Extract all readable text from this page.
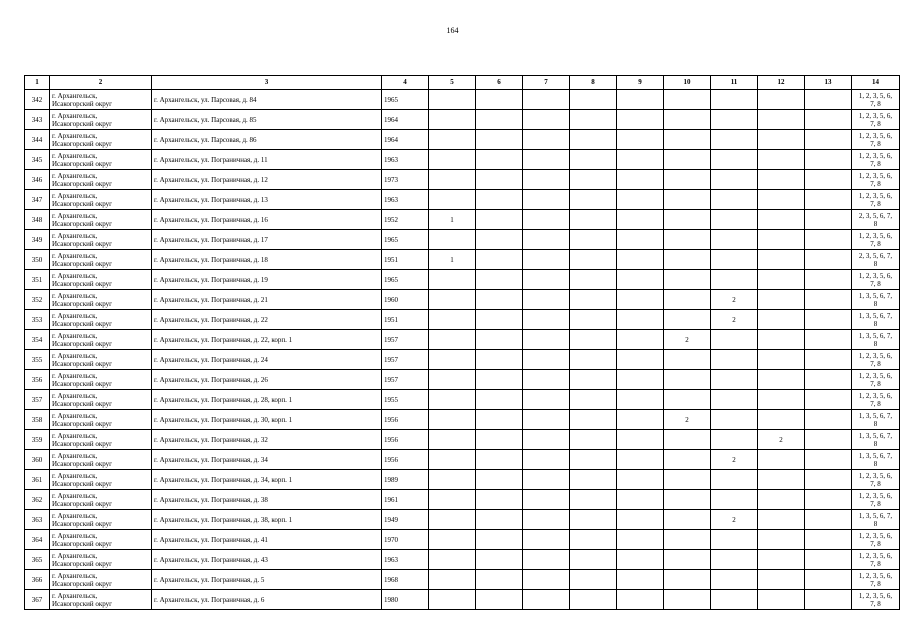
164
1	2	3	4	5	6	7	8	9	10	11	12	13	14
342	г. Архангельск,
Исакогорский округ	г. Архангельск, ул. Парсовая, д. 84	1965										1, 2, 3, 5, 6,
7, 8
343	г. Архангельск,
Исакогорский округ	г. Архангельск, ул. Парсовая, д. 85	1964										1, 2, 3, 5, 6,
7, 8
344	г. Архангельск,
Исакогорский округ	г. Архангельск, ул. Парсовая, д. 86	1964										1, 2, 3, 5, 6,
7, 8
345	г. Архангельск,
Исакогорский округ	г. Архангельск, ул. Пограничная, д. 11	1963										1, 2, 3, 5, 6,
7, 8
346	г. Архангельск,
Исакогорский округ	г. Архангельск, ул. Пограничная, д. 12	1973										1, 2, 3, 5, 6,
7, 8
347	г. Архангельск,
Исакогорский округ	г. Архангельск, ул. Пограничная, д. 13	1963										1, 2, 3, 5, 6,
7, 8
348	г. Архангельск,
Исакогорский округ	г. Архангельск, ул. Пограничная, д. 16	1952	1									2, 3, 5, 6, 7,
8
349	г. Архангельск,
Исакогорский округ	г. Архангельск, ул. Пограничная, д. 17	1965										1, 2, 3, 5, 6,
7, 8
350	г. Архангельск,
Исакогорский округ	г. Архангельск, ул. Пограничная, д. 18	1951	1									2, 3, 5, 6, 7,
8
351	г. Архангельск,
Исакогорский округ	г. Архангельск, ул. Пограничная, д. 19	1965										1, 2, 3, 5, 6,
7, 8
352	г. Архангельск,
Исакогорский округ	г. Архангельск, ул. Пограничная, д. 21	1960							2			1, 3, 5, 6, 7,
8
353	г. Архангельск,
Исакогорский округ	г. Архангельск, ул. Пограничная, д. 22	1951							2			1, 3, 5, 6, 7,
8
354	г. Архангельск,
Исакогорский округ	г. Архангельск, ул. Пограничная, д. 22, корп. 1	1957						2				1, 3, 5, 6, 7,
8
355	г. Архангельск,
Исакогорский округ	г. Архангельск, ул. Пограничная, д. 24	1957										1, 2, 3, 5, 6,
7, 8
356	г. Архангельск,
Исакогорский округ	г. Архангельск, ул. Пограничная, д. 26	1957										1, 2, 3, 5, 6,
7, 8
357	г. Архангельск,
Исакогорский округ	г. Архангельск, ул. Пограничная, д. 28, корп. 1	1955										1, 2, 3, 5, 6,
7, 8
358	г. Архангельск,
Исакогорский округ	г. Архангельск, ул. Пограничная, д. 30, корп. 1	1956						2				1, 3, 5, 6, 7,
8
359	г. Архангельск,
Исакогорский округ	г. Архангельск, ул. Пограничная, д. 32	1956								2		1, 3, 5, 6, 7,
8
360	г. Архангельск,
Исакогорский округ	г. Архангельск, ул. Пограничная, д. 34	1956							2			1, 3, 5, 6, 7,
8
361	г. Архангельск,
Исакогорский округ	г. Архангельск, ул. Пограничная, д. 34, корп. 1	1989										1, 2, 3, 5, 6,
7, 8
362	г. Архангельск,
Исакогорский округ	г. Архангельск, ул. Пограничная, д. 38	1961										1, 2, 3, 5, 6,
7, 8
363	г. Архангельск,
Исакогорский округ	г. Архангельск, ул. Пограничная, д. 38, корп. 1	1949							2			1, 3, 5, 6, 7,
8
364	г. Архангельск,
Исакогорский округ	г. Архангельск, ул. Пограничная, д. 41	1970										1, 2, 3, 5, 6,
7, 8
365	г. Архангельск,
Исакогорский округ	г. Архангельск, ул. Пограничная, д. 43	1963										1, 2, 3, 5, 6,
7, 8
366	г. Архангельск,
Исакогорский округ	г. Архангельск, ул. Пограничная, д. 5	1968										1, 2, 3, 5, 6,
7, 8
367	г. Архангельск,
Исакогорский округ	г. Архангельск, ул. Пограничная, д. 6	1980										1, 2, 3, 5, 6,
7, 8
